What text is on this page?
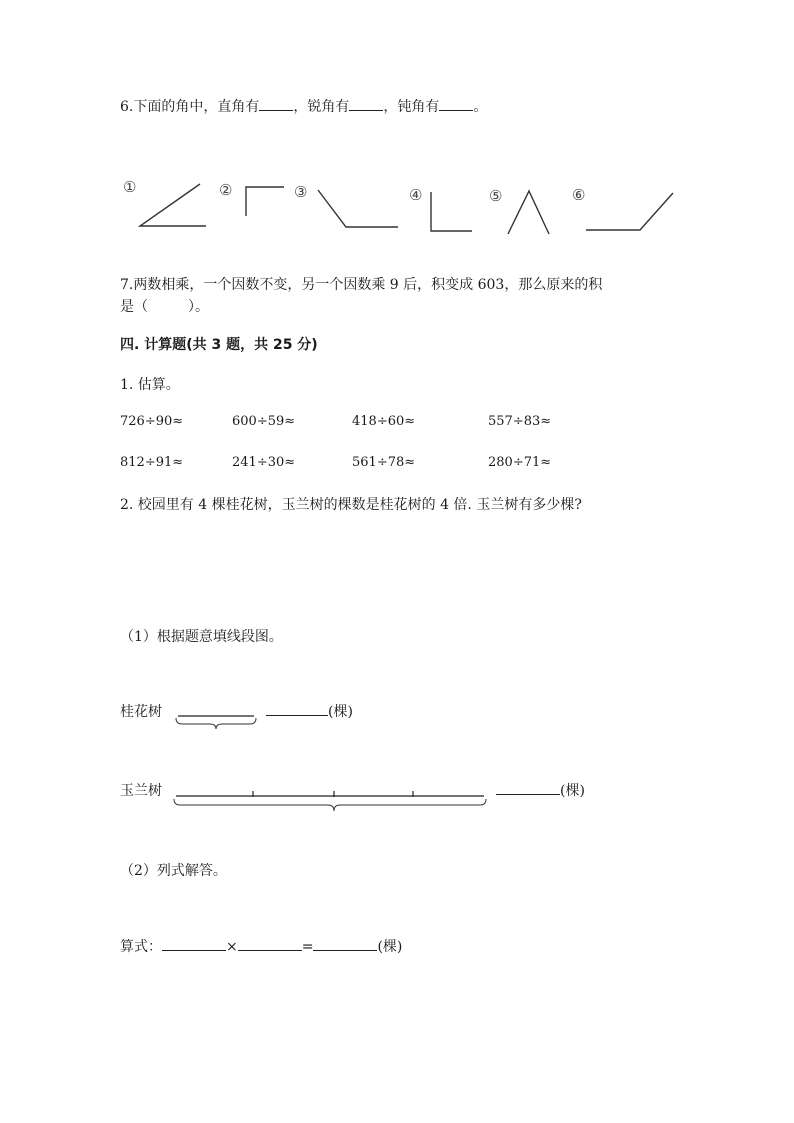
6.下面的角中，直角有 ，锐角有 ，钝角有 。
①	②	③	④	⑤	⑥
7.两数相乘，一个因数不变，另一个因数乘 9 后，积变成 603，那么原来的积
是（	）。
四. 计算题(共 3 题，共 25 分)
1. 估算。
726÷90≈	600÷59≈	418÷60≈	557÷83≈
812÷91≈	241÷30≈	561÷78≈	280÷71≈
2. 校园里有 4 棵桂花树，玉兰树的棵数是桂花树的 4 倍. 玉兰树有多少棵?
（1）根据题意填线段图。
桂花树	(棵)
玉兰树	(棵)
（2）列式解答。
算式：	×	=	(棵)
